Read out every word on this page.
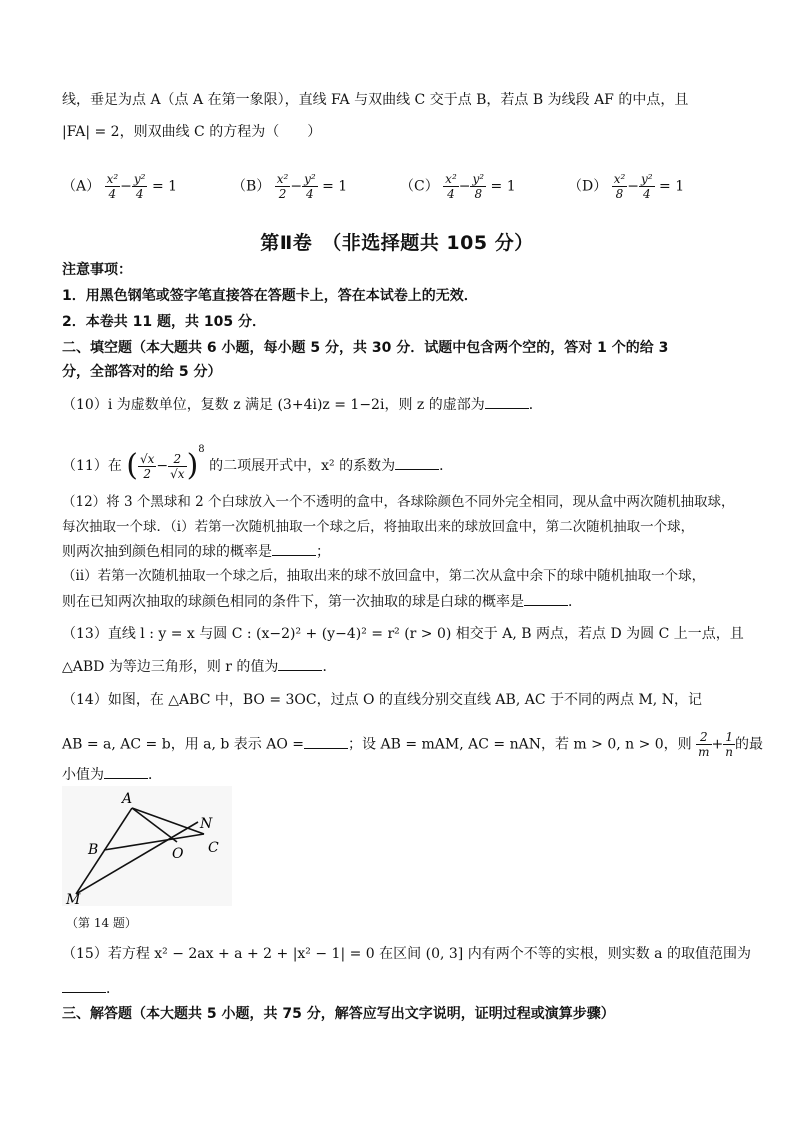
线，垂足为点 A（点 A 在第一象限），直线 FA 与双曲线 C 交于点 B，若点 B 为线段 AF 的中点，且
|FA| = 2，则双曲线 C 的方程为（　　）
$(A) \frac{\text{x²}}{4} - \frac{\text{y²}}{4} = 1$	$(B) \frac{\text{x²}}{2} - \frac{\text{y²}}{4} = 1$	$(C) \frac{\text{x²}}{4} - \frac{\text{y²}}{8} = 1$	$(D) \frac{\text{x²}}{8} - \frac{\text{y²}}{4} = 1$
第Ⅱ卷　（非选择题共 105 分）
注意事项：
1．用黑色钢笔或签字笔直接答在答题卡上，答在本试卷上的无效．
2．本卷共 11 题，共 105 分．
二、填空题（本大题共 6 小题，每小题 5 分，共 30 分．试题中包含两个空的，答对 1 个的给 3
分，全部答对的给 5 分）
（10）i 为虚数单位，复数 z 满足 (3+4i)z = 1−2i，则 z 的虚部为	．
（11）在 ( $\frac{√x}{2} - \frac{2}{√x} )^8$ 的二项展开式中，x² 的系数为	．
（12）将 3 个黑球和 2 个白球放入一个不透明的盒中，各球除颜色不同外完全相同，现从盒中两次随机抽取球，
每次抽取一个球．（ⅰ）若第一次随机抽取一个球之后，将抽取出来的球放回盒中，第二次随机抽取一个球，
则两次抽到颜色相同的球的概率是	；
（ⅱ）若第一次随机抽取一个球之后，抽取出来的球不放回盒中，第二次从盒中余下的球中随机抽取一个球，
则在已知两次抽取的球颜色相同的条件下，第一次抽取的球是白球的概率是	．
（13）直线 l : y = x 与圆 C : (x−2)² + (y−4)² = r² (r > 0) 相交于 A, B 两点，若点 D 为圆 C 上一点，且
△ABD 为等边三角形，则 r 的值为	．
（14）如图，在 △ABC 中，BO = 3OC，过点 O 的直线分别交直线 AB, AC 于不同的两点 M, N，记
AB = a, AC = b，用 a, b 表示 AO =	；设 AB = mAM, AC = nAN，若 m > 0, n > 0，则 $\frac{2}{m} + \frac{1}{n}$ 的最
小值为	．
A
B	C
N
O
M
（第 14 题）
（15）若方程 x² − 2ax + a + 2 + |x² − 1| = 0 在区间 (0, 3] 内有两个不等的实根，则实数 a 的取值范围为
．
三、解答题（本大题共 5 小题，共 75 分，解答应写出文字说明，证明过程或演算步骤）
